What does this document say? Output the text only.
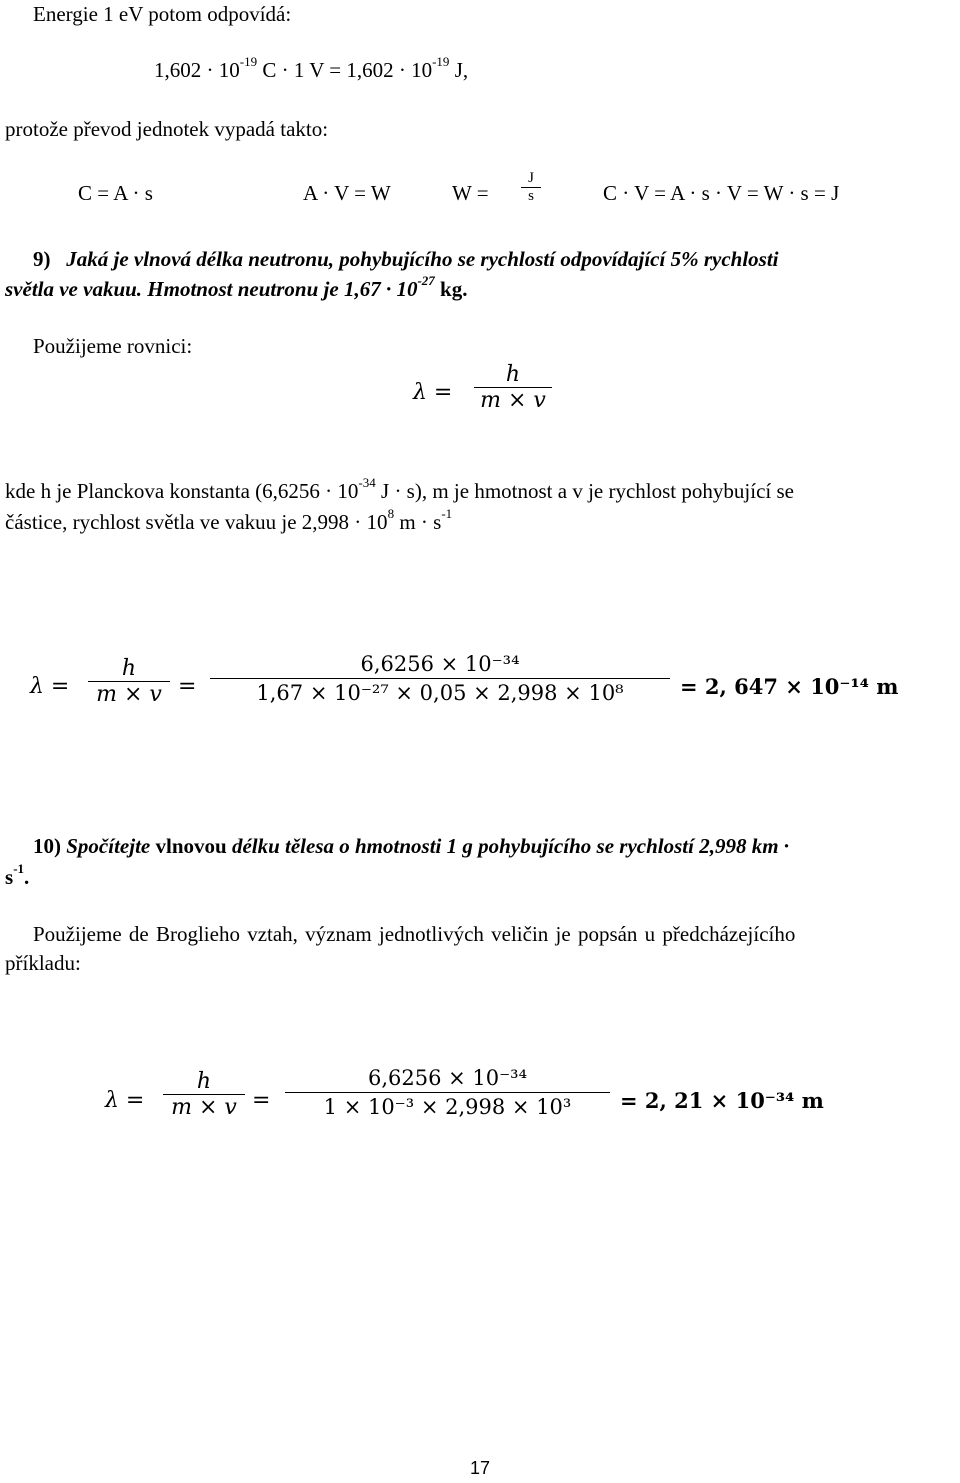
Energie 1 eV potom odpovídá:
$1,602 \cdot 10^{-19}$ C · 1 $V = 1,602 \cdot 10^{-19}$ J,
protože převod jednotek vypadá takto:
C = A · s	A · V = W	W =
J
s	C · V = A · s · V = W · s = J
9) Jaká je vlnová délka neutronu, pohybujícího se rychlostí odpovídající 5% rychlosti
světla ve vakuu. Hmotnost neutronu je $1,67 \cdot 10^{-27}$ kg.
Použijeme rovnici:
λ =
h
m × v
kde h je Planckova konstanta ($6,6256 \cdot 10^{-34}$ J · s), m je hmotnost a v je rychlost pohybující se
částice, rychlost světla ve vakuu je $2,998 \cdot 10^8$ $m \cdot s^{-1}$
λ =
h
m × v =
6,6256 × 10⁻³⁴
1,67 × 10⁻²⁷ × 0,05 × 2,998 × 10⁸	= 2, 647 × 10⁻¹⁴ m
10) Spočítejte vlnovou délku tělesa o hmotnosti 1 g pohybujícího se rychlostí 2,998 km ·
$s^{-1}$.
Použijeme de Broglieho vztah, význam jednotlivých veličin je popsán u předcházejícího
příkladu:
λ =
h
m × v =
6,6256 × 10⁻³⁴
1 × 10⁻³ × 2,998 × 10³	= 2, 21 × 10⁻³⁴ m
17
